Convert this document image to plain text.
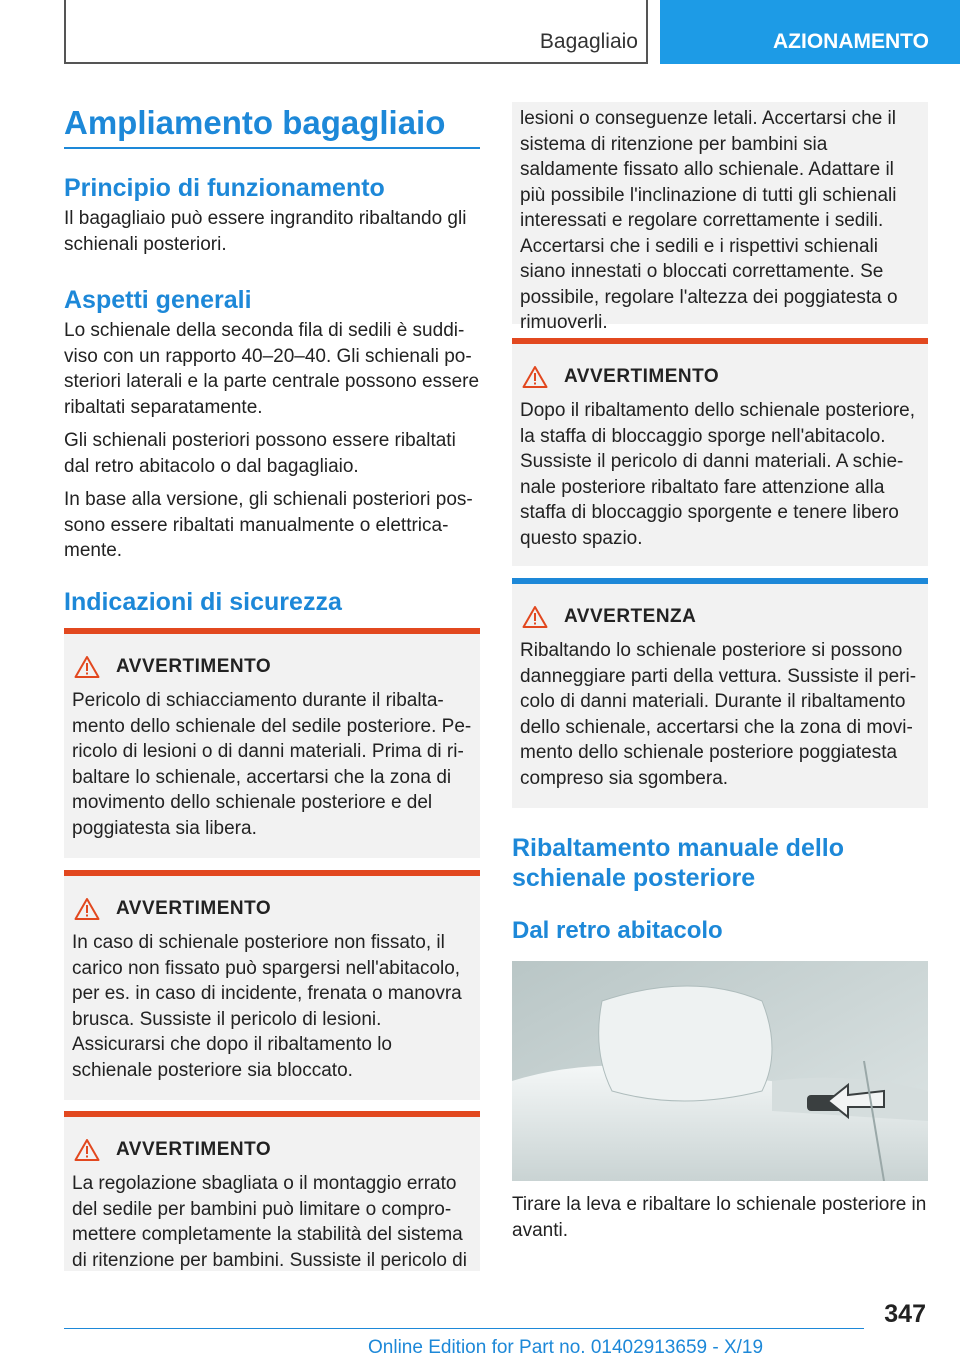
Bagagliaio	AZIONAMENTO
Ampliamento bagagliaio
Principio di funzionamento

Il bagagliaio può essere ingrandito ribaltando gli schienali posteriori.

Aspetti generali

Lo schienale della seconda fila di sedili è suddiviso con un rapporto 40–20–40. Gli schienali posteriori laterali e la parte centrale possono essere ribaltati separatamente.

Gli schienali posteriori possono essere ribaltati dal retro abitacolo o dal bagagliaio.

In base alla versione, gli schienali posteriori possono essere ribaltati manualmente o elettricamente.

Indicazioni di sicurezza
AVVERTIMENTO

Pericolo di schiacciamento durante il ribaltamento dello schienale del sedile posteriore. Pericolo di lesioni o di danni materiali. Prima di ribaltare lo schienale, accertarsi che la zona di movimento dello schienale posteriore e del poggiatesta sia libera.

AVVERTIMENTO

In caso di schienale posteriore non fissato, il carico non fissato può spargersi nell'abitacolo, per es. in caso di incidente, frenata o manovra brusca. Sussiste il pericolo di lesioni. Assicurarsi che dopo il ribaltamento lo schienale posteriore sia bloccato.

AVVERTIMENTO

La regolazione sbagliata o il montaggio errato del sedile per bambini può limitare o compromettere completamente la stabilità del sistema di ritenzione per bambini. Sussiste il pericolo di

lesioni o conseguenze letali. Accertarsi che il sistema di ritenzione per bambini sia saldamente fissato allo schienale. Adattare il più possibile l'inclinazione di tutti gli schienali interessati e regolare correttamente i sedili. Accertarsi che i sedili e i rispettivi schienali siano innestati o bloccati correttamente. Se possibile, regolare l'altezza dei poggiatesta o rimuoverli.

AVVERTIMENTO

Dopo il ribaltamento dello schienale posteriore, la staffa di bloccaggio sporge nell'abitacolo. Sussiste il pericolo di danni materiali. A schienale posteriore ribaltato fare attenzione alla staffa di bloccaggio sporgente e tenere libero questo spazio.

AVVERTENZA

Ribaltando lo schienale posteriore si possono danneggiare parti della vettura. Sussiste il pericolo di danni materiali. Durante il ribaltamento dello schienale, accertarsi che la zona di movimento dello schienale posteriore poggiatesta compreso sia sgombera.

Ribaltamento manuale dello schienale posteriore
Dal retro abitacolo

Tirare la leva e ribaltare lo schienale posteriore in avanti.

347
Online Edition for Part no. 01402913659 - X/19
